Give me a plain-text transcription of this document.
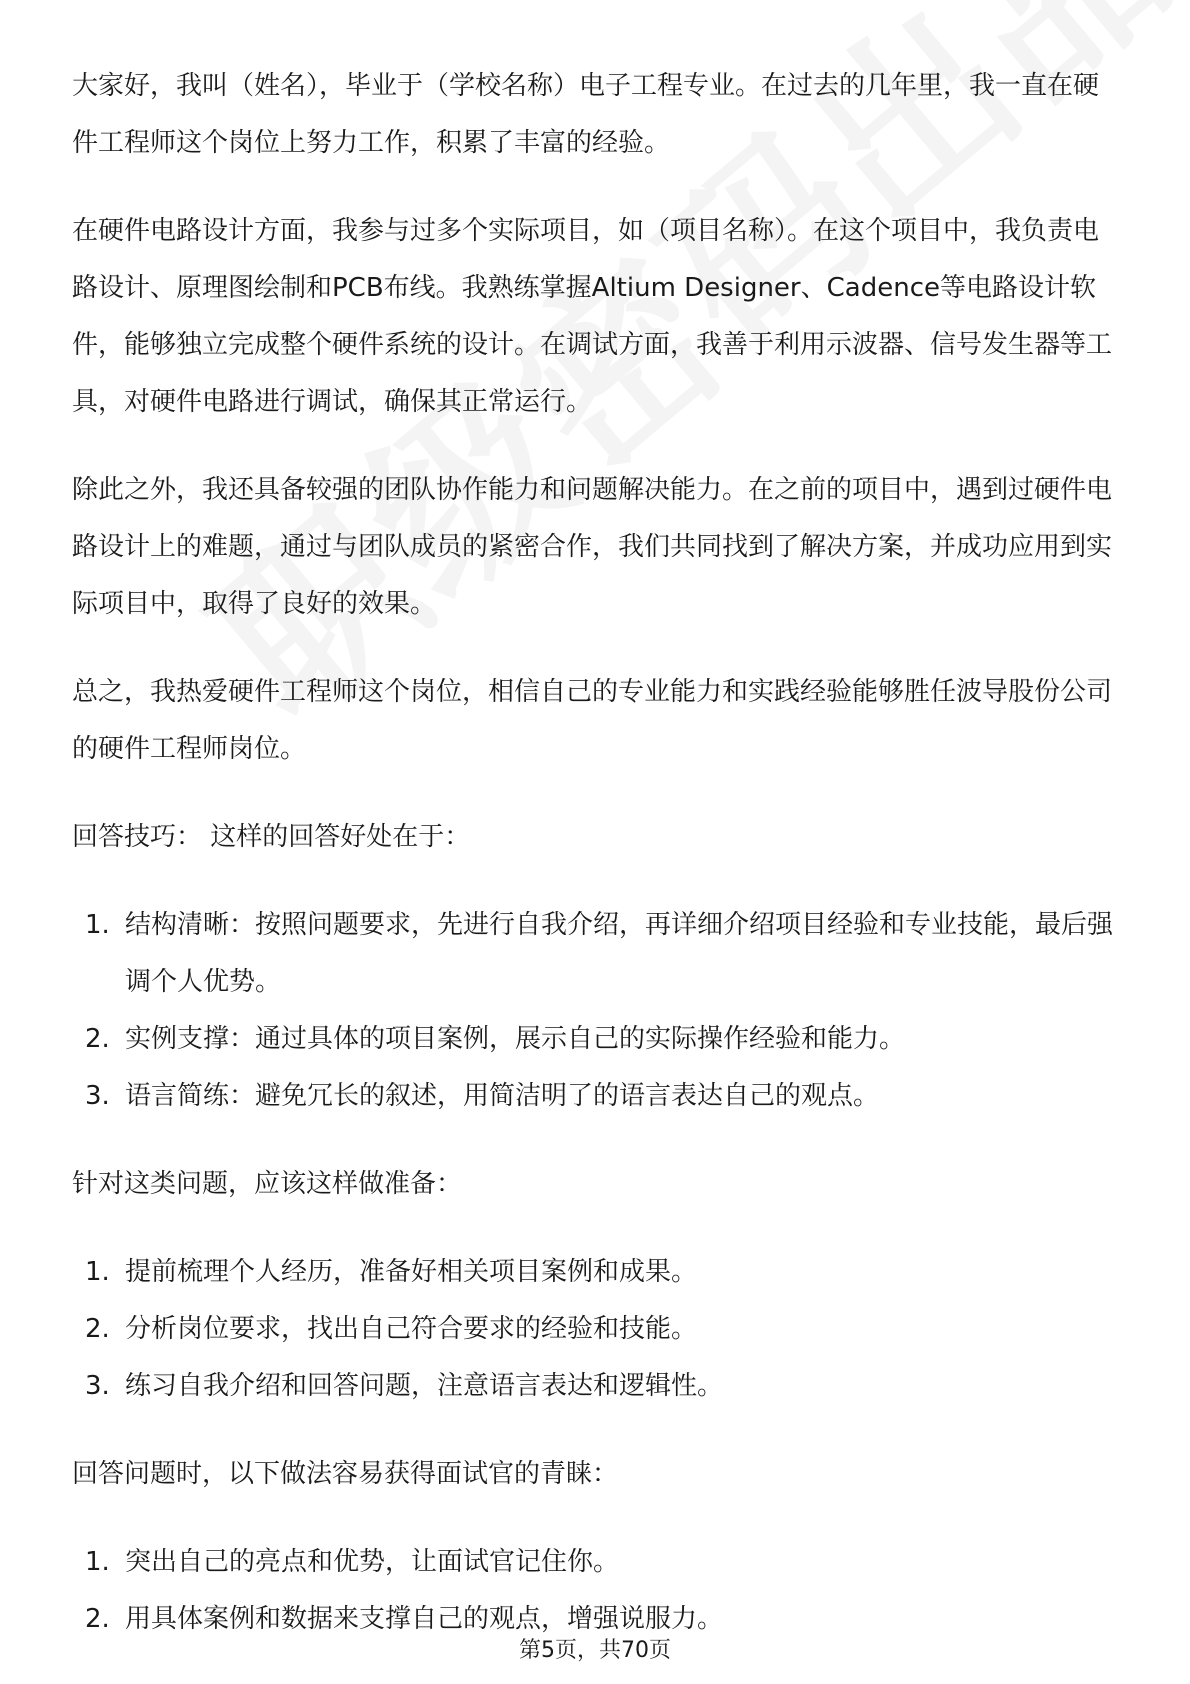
大家好，我叫（姓名），毕业于（学校名称）电子工程专业。在过去的几年里，我一直在硬件工程师这个岗位上努力工作，积累了丰富的经验。

在硬件电路设计方面，我参与过多个实际项目，如（项目名称）。在这个项目中，我负责电路设计、原理图绘制和PCB布线。我熟练掌握Altium Designer、Cadence等电路设计软件，能够独立完成整个硬件系统的设计。在调试方面，我善于利用示波器、信号发生器等工具，对硬件电路进行调试，确保其正常运行。

除此之外，我还具备较强的团队协作能力和问题解决能力。在之前的项目中，遇到过硬件电路设计上的难题，通过与团队成员的紧密合作，我们共同找到了解决方案，并成功应用到实际项目中，取得了良好的效果。

总之，我热爱硬件工程师这个岗位，相信自己的专业能力和实践经验能够胜任波导股份公司的硬件工程师岗位。

回答技巧： 这样的回答好处在于：

1. 结构清晰：按照问题要求，先进行自我介绍，再详细介绍项目经验和专业技能，最后强调个人优势。
2. 实例支撑：通过具体的项目案例，展示自己的实际操作经验和能力。
3. 语言简练：避免冗长的叙述，用简洁明了的语言表达自己的观点。

针对这类问题，应该这样做准备：

1. 提前梳理个人经历，准备好相关项目案例和成果。
2. 分析岗位要求，找出自己符合要求的经验和技能。
3. 练习自我介绍和回答问题，注意语言表达和逻辑性。

回答问题时，以下做法容易获得面试官的青睐：

1. 突出自己的亮点和优势，让面试官记住你。
2. 用具体案例和数据来支撑自己的观点，增强说服力。
第5页，共70页
